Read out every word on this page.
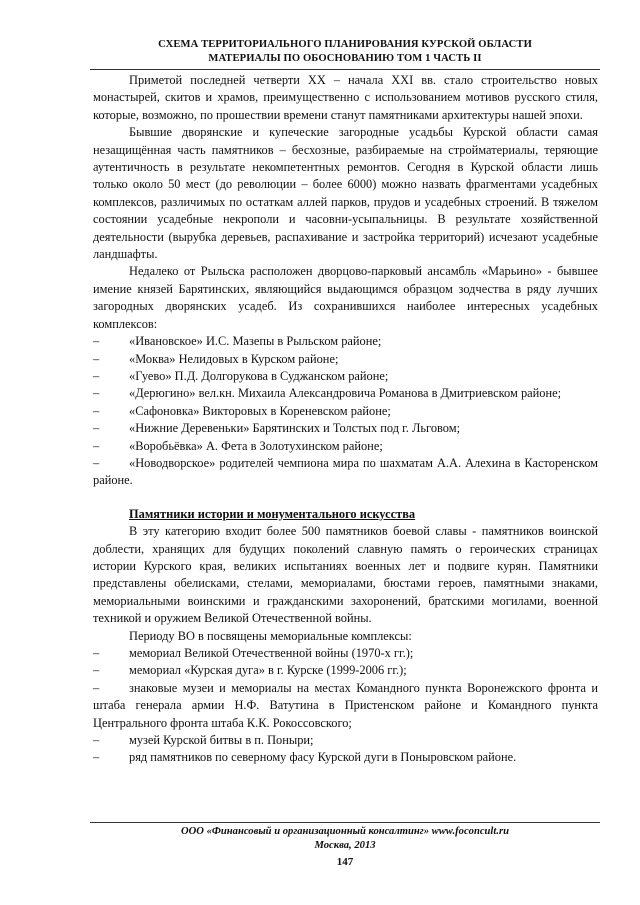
СХЕМА ТЕРРИТОРИАЛЬНОГО ПЛАНИРОВАНИЯ КУРСКОЙ ОБЛАСТИ
МАТЕРИАЛЫ ПО ОБОСНОВАНИЮ ТОМ 1 ЧАСТЬ II

Приметой последней четверти XX – начала XXI вв. стало строительство новых монастырей, скитов и храмов, преимущественно с использованием мотивов русского стиля, которые, возможно, по прошествии времени станут памятниками архитектуры нашей эпохи.

Бывшие дворянские и купеческие загородные усадьбы Курской области самая незащищённая часть памятников – бесхозные, разбираемые на стройматериалы, теряющие аутентичность в результате некомпетентных ремонтов. Сегодня в Курской области лишь только около 50 мест (до революции – более 6000) можно назвать фрагментами усадебных комплексов, различимых по остаткам аллей парков, прудов и усадебных строений. В тяжелом состоянии усадебные некрополи и часовни-усыпальницы. В результате хозяйственной деятельности (вырубка деревьев, распахивание и застройка территорий) исчезают усадебные ландшафты.

Недалеко от Рыльска расположен дворцово-парковый ансамбль «Марьино» - бывшее имение князей Барятинских, являющийся выдающимся образцом зодчества в ряду лучших загородных дворянских усадеб. Из сохранившихся наиболее интересных усадебных комплексов:

–	«Ивановское» И.С. Мазепы в Рыльском районе;
–	«Моква» Нелидовых в Курском районе;
–	«Гуево» П.Д. Долгорукова в Суджанском районе;
– «Дерюгино» вел.кн. Михаила Александровича Романова в Дмитриевском районе;
–	«Сафоновка» Викторовых в Кореневском районе;
–	«Нижние Деревеньки» Барятинских и Толстых под г. Льговом;
–	«Воробьёвка» А. Фета в Золотухинском районе;
– «Новодворское» родителей чемпиона мира по шахматам А.А. Алехина в Касторенском районе.

Памятники истории и монументального искусства

В эту категорию входит более 500 памятников боевой славы - памятников воинской доблести, хранящих для будущих поколений славную память о героических страницах истории Курского края, великих испытаниях военных лет и подвиге курян. Памятники представлены обелисками, стелами, мемориалами, бюстами героев, памятными знаками, мемориальными воинскими и гражданскими захоронений, братскими могилами, военной техникой и оружием Великой Отечественной войны.

Периоду ВО в посвящены мемориальные комплексы:

–	мемориал Великой Отечественной войны (1970-х гг.);
–	мемориал «Курская дуга» в г. Курске (1999-2006 гг.);
– знаковые музеи и мемориалы на местах Командного пункта Воронежского фронта и штаба генерала армии Н.Ф. Ватутина в Пристенском районе и Командного пункта Центрального фронта штаба К.К. Рокоссовского;
–	музей Курской битвы в п. Поныри;
–	ряд памятников по северному фасу Курской дуги в Поныровском районе.
ООО «Финансовый и организационный консалтинг» www.foconcult.ru
Москва, 2013
147
